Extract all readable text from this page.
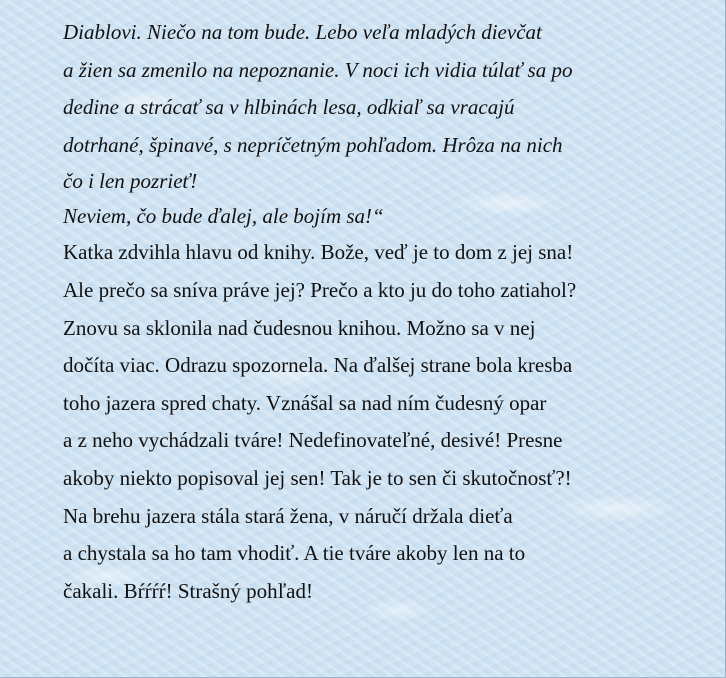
Diablovi. Niečo na tom bude. Lebo veľa mladých dievčat
a žien sa zmenilo na nepoznanie. V noci ich vidia túlať sa po
dedine a strácať sa v hlbinách lesa, odkiaľ sa vracajú
dotrhané, špinavé, s nepríčetným pohľadom. Hrôza na nich
čo i len pozrieť!
Neviem, čo bude ďalej, ale bojím sa!“
Katka zdvihla hlavu od knihy. Bože, veď je to dom z jej sna!
Ale prečo sa sníva práve jej? Prečo a kto ju do toho zatiahol?
Znovu sa sklonila nad čudesnou knihou. Možno sa v nej
dočíta viac. Odrazu spozornela. Na ďalšej strane bola kresba
toho jazera spred chaty. Vznášal sa nad ním čudesný opar
a z neho vychádzali tváre! Nedefinovateľné, desivé! Presne
akoby niekto popisoval jej sen! Tak je to sen či skutočnosť?!
Na brehu jazera stála stará žena, v náručí držala dieťa
a chystala sa ho tam vhodiť. A tie tváre akoby len na to
čakali. Bŕŕŕŕ! Strašný pohľad!
